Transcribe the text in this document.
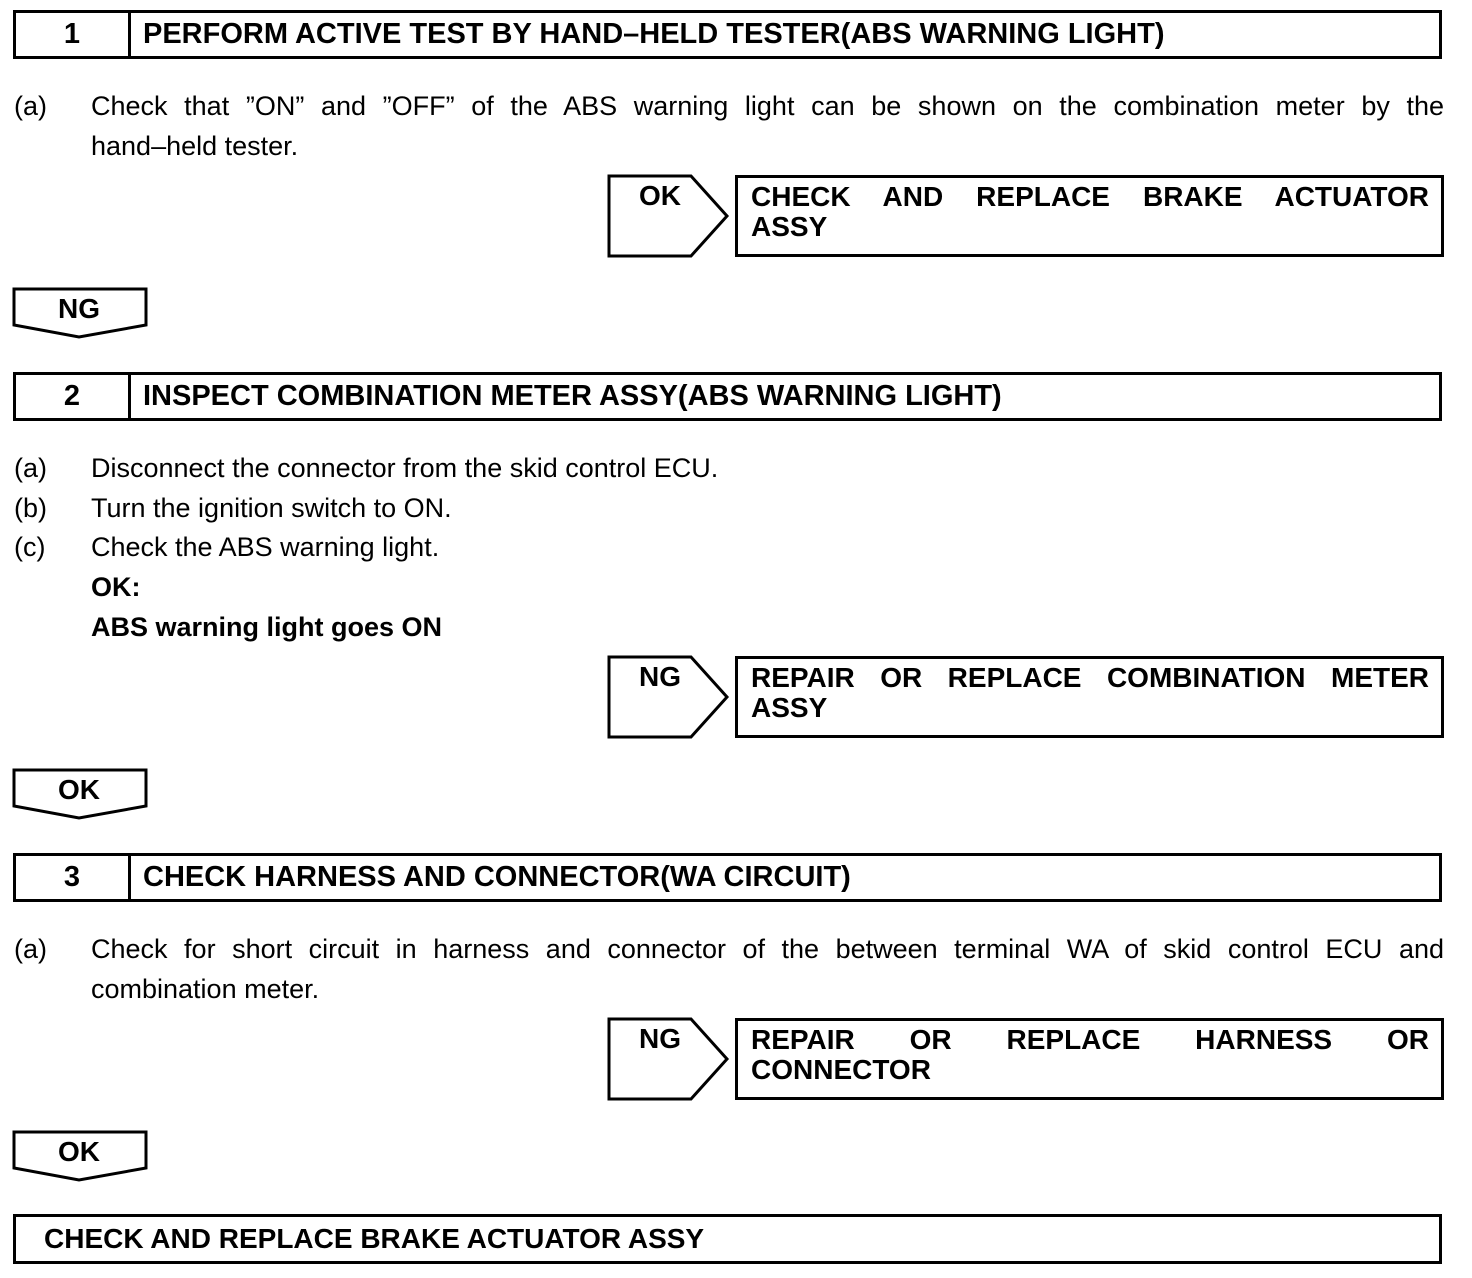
1	PERFORM ACTIVE TEST BY HAND–HELD TESTER(ABS WARNING LIGHT)
(a) Check that ”ON” and ”OFF” of the ABS warning light can be shown on the combination meter by the
hand–held tester.
OK	CHECK AND REPLACE BRAKE ACTUATOR
ASSY
NG
2	INSPECT COMBINATION METER ASSY(ABS WARNING LIGHT)
(a) Disconnect the connector from the skid control ECU.
(b) Turn the ignition switch to ON.
(c) Check the ABS warning light.
OK:
ABS warning light goes ON
NG	REPAIR OR REPLACE COMBINATION METER
ASSY
OK
3	CHECK HARNESS AND CONNECTOR(WA CIRCUIT)
(a) Check for short circuit in harness and connector of the between terminal WA of skid control ECU and
combination meter.
NG	REPAIR OR REPLACE HARNESS OR
CONNECTOR
OK
CHECK AND REPLACE BRAKE ACTUATOR ASSY
